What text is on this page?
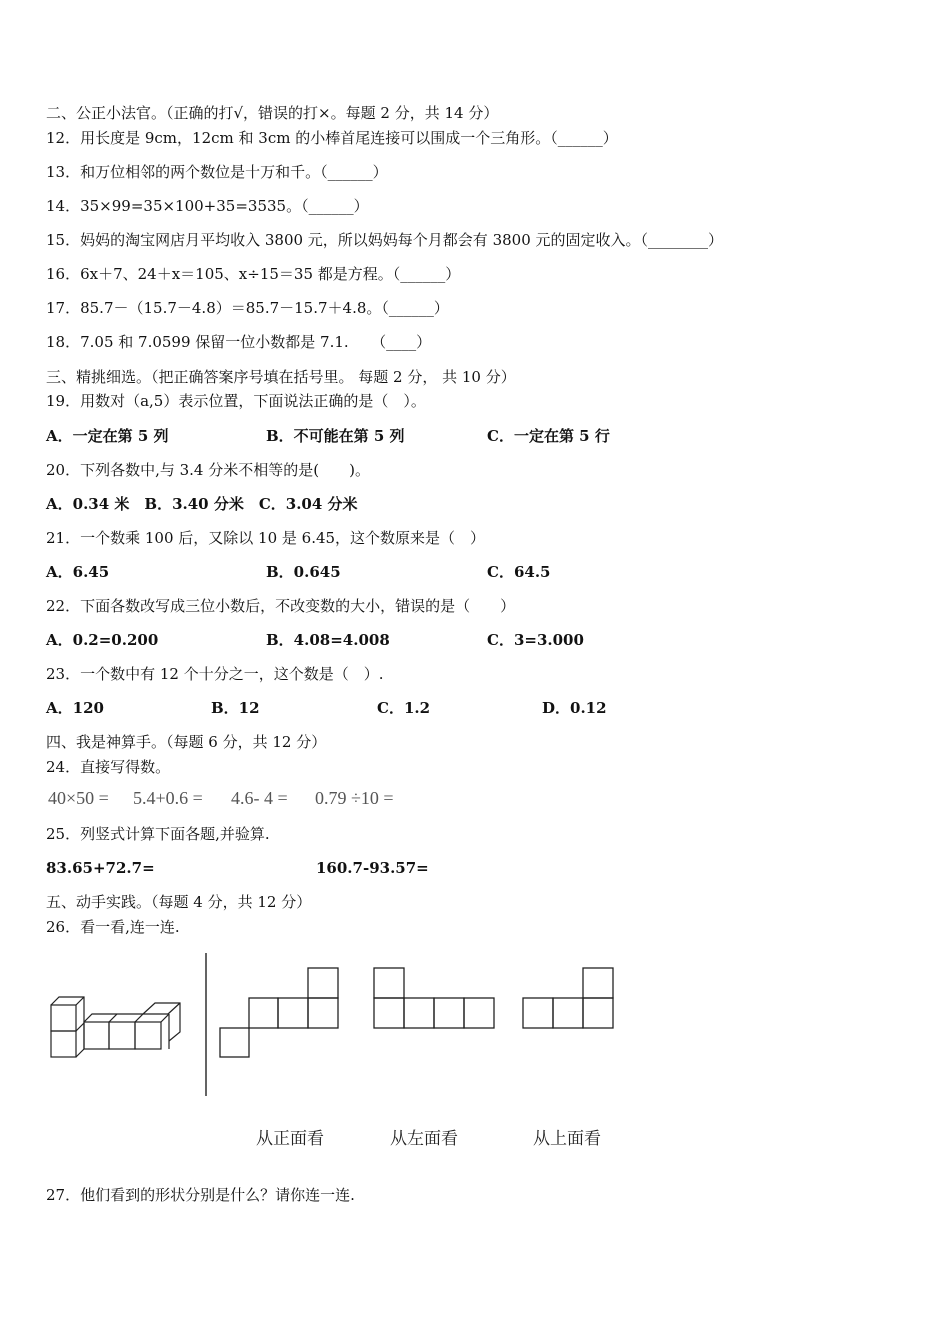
二、公正小法官。（正确的打√，错误的打×。每题 2 分，共 14 分）
12．用长度是 9cm，12cm 和 3cm 的小棒首尾连接可以围成一个三角形。（______）
13．和万位相邻的两个数位是十万和千。（______）
14．35×99=35×100+35=3535。（______）
15．妈妈的淘宝网店月平均收入 3800 元，所以妈妈每个月都会有 3800 元的固定收入。（________）
16．6x＋7、24＋x＝105、x÷15＝35 都是方程。（______）
17．85.7－（15.7－4.8）＝85.7－15.7＋4.8。（______）
18．7.05 和 7.0599 保留一位小数都是 7.1.　　（____）
三、精挑细选。（把正确答案序号填在括号里。 每题 2 分， 共 10 分）
19．用数对（a,5）表示位置，下面说法正确的是（　）。
A．一定在第 5 列	B．不可能在第 5 列	C．一定在第 5 行
20．下列各数中,与 3.4 分米不相等的是(　　)。
A．0.34 米　B．3.40 分米　C．3.04 分米
21．一个数乘 100 后，又除以 10 是 6.45，这个数原来是（　）
A．6.45	B．0.645	C．64.5
22．下面各数改写成三位小数后，不改变数的大小，错误的是（　　）
A．0.2=0.200	B．4.08=4.008	C．3=3.000
23．一个数中有 12 个十分之一，这个数是（　）.
A．120	B．12	C．1.2	D．0.12
四、我是神算手。（每题 6 分，共 12 分）
24．直接写得数。
40×50 = 5.4+0.6 = 4.6- 4 = 0.79 ÷10 =
25．列竖式计算下面各题,并验算.
83.65+72.7=	160.7-93.57=
五、动手实践。（每题 4 分，共 12 分）
26．看一看,连一连.
从正面看	从左面看	从上面看
27．他们看到的形状分别是什么？请你连一连.
